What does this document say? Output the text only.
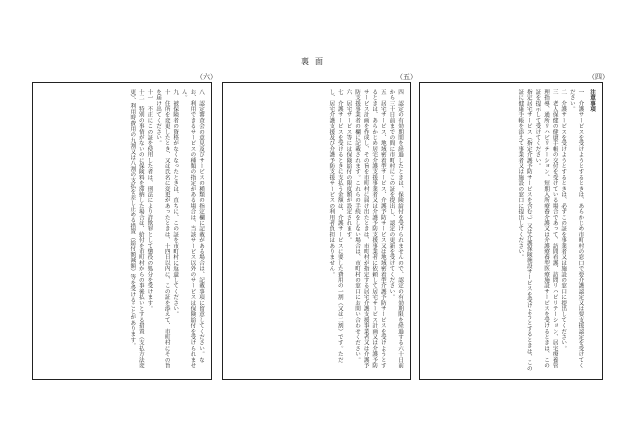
裏面
（六）

八　認定審査会の意見及びサービスの種類の指定欄に記載がある場合は、記載事項に留意してください。なお、利用できるサービスの種類の指定がある場合は、当該サービス以外のサービスは保険給付を受けられません。

九　被保険者の資格がなくなったときは、直ちに、この証を市町村に返還してください。

十　住所を変更したとき、又は氏名に変更があったときは、十四日以内に、この証を添えて、市町村にその旨を届け出てください。

十一　不正にこの証を使用した者は、刑法により詐欺罪として懲役の処分を受けます。

十二　特別の事情がないのに保険料を滞納した場合は、給付を市町村からの事後払いとする措置（支払方法変更）、利用時費用の九割又は八割の支払を差し止める措置（給付額減額）等を受けることがあります。

（五）

四　認定の有効期間を経過したときは、保険給付を受けられませんので、認定の有効期限を経過する六十日前から三十日前までの間に市町村にこの証を提出し、認定の更新を受けてください。

五　居宅サービス、地域密着型サービス、介護予防サービス又は地域密着型介護予防サービスを受けようとするときは、あらかじめ居宅介護支援事業者又は介護予防支援事業者に依頼して居宅サービス計画又は介護予防サービス計画を作成し、その旨を市町村に届け出たときは、市町村が指定する居宅介護支援事業者又は介護予防支援事業者の欄に記載されます。これらの手続をしない場合は、市町村の窓口にお問い合わせください。

六　居宅サービス等には保険給付の限度額が設定されます。

七　介護サービスを受けるときに支払う金額は、介護サービスに要した費用の一割（又は二割）です。ただし、居宅介護支援及び介護予防支援サービスの利用者負担はありません。

（四）

注意事項

一　介護サービスを受けようとするときは、あらかじめ市町村の窓口で要介護認定又は要支援認定を受けてください。

二　介護サービスを受けようとするときは、必ずこの証を事業者又は施設の窓口に提出してください。

三　老人保健の健康手帳の交付を受けている場合であって、訪問看護、訪問リハビリテーション、居宅療養管理指導、通所リハビリテーション、短期入所療養介護又は介護療養型医療施設サービスを受けるときは、この証を提示して受けてください。

指定居宅サービス（指定介護予防サービスを含む。）又は介護保険施設サービスを受けようとするときは、この証に健康手帳を添えて事業者又は施設の窓口に提出してください。
